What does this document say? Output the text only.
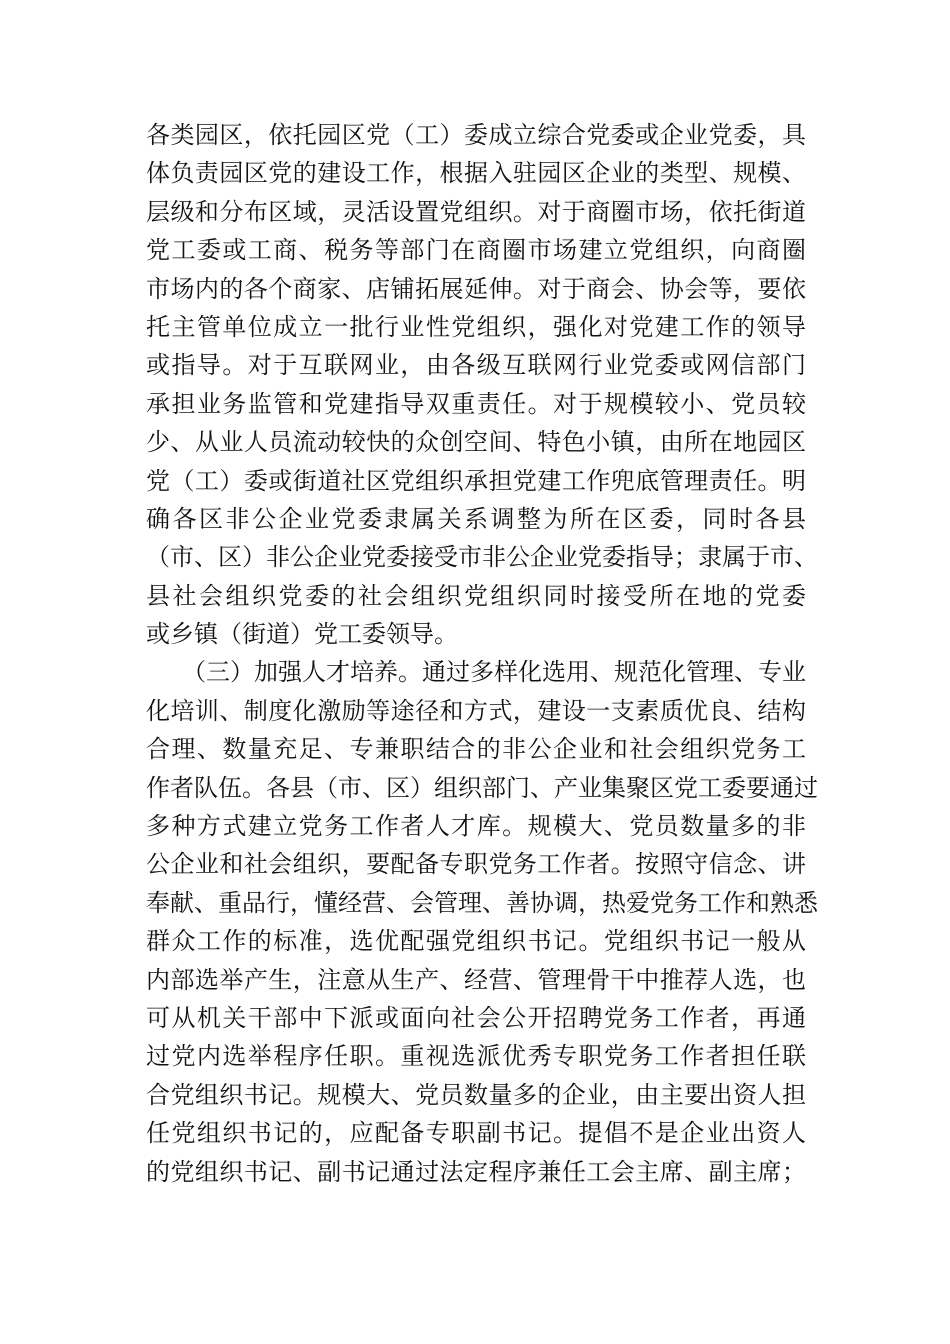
各类园区，依托园区党（工）委成立综合党委或企业党委，具
体负责园区党的建设工作，根据入驻园区企业的类型、规模、
层级和分布区域，灵活设置党组织。对于商圈市场，依托街道
党工委或工商、税务等部门在商圈市场建立党组织，向商圈
市场内的各个商家、店铺拓展延伸。对于商会、协会等，要依
托主管单位成立一批行业性党组织，强化对党建工作的领导
或指导。对于互联网业，由各级互联网行业党委或网信部门
承担业务监管和党建指导双重责任。对于规模较小、党员较
少、从业人员流动较快的众创空间、特色小镇，由所在地园区
党（工）委或街道社区党组织承担党建工作兜底管理责任。明
确各区非公企业党委隶属关系调整为所在区委，同时各县
（市、区）非公企业党委接受市非公企业党委指导；隶属于市、
县社会组织党委的社会组织党组织同时接受所在地的党委
或乡镇（街道）党工委领导。
（三）加强人才培养。通过多样化选用、规范化管理、专业
化培训、制度化激励等途径和方式，建设一支素质优良、结构
合理、数量充足、专兼职结合的非公企业和社会组织党务工
作者队伍。各县（市、区）组织部门、产业集聚区党工委要通过
多种方式建立党务工作者人才库。规模大、党员数量多的非
公企业和社会组织，要配备专职党务工作者。按照守信念、讲
奉献、重品行，懂经营、会管理、善协调，热爱党务工作和熟悉
群众工作的标准，选优配强党组织书记。党组织书记一般从
内部选举产生，注意从生产、经营、管理骨干中推荐人选，也
可从机关干部中下派或面向社会公开招聘党务工作者，再通
过党内选举程序任职。重视选派优秀专职党务工作者担任联
合党组织书记。规模大、党员数量多的企业，由主要出资人担
任党组织书记的，应配备专职副书记。提倡不是企业出资人
的党组织书记、副书记通过法定程序兼任工会主席、副主席；
